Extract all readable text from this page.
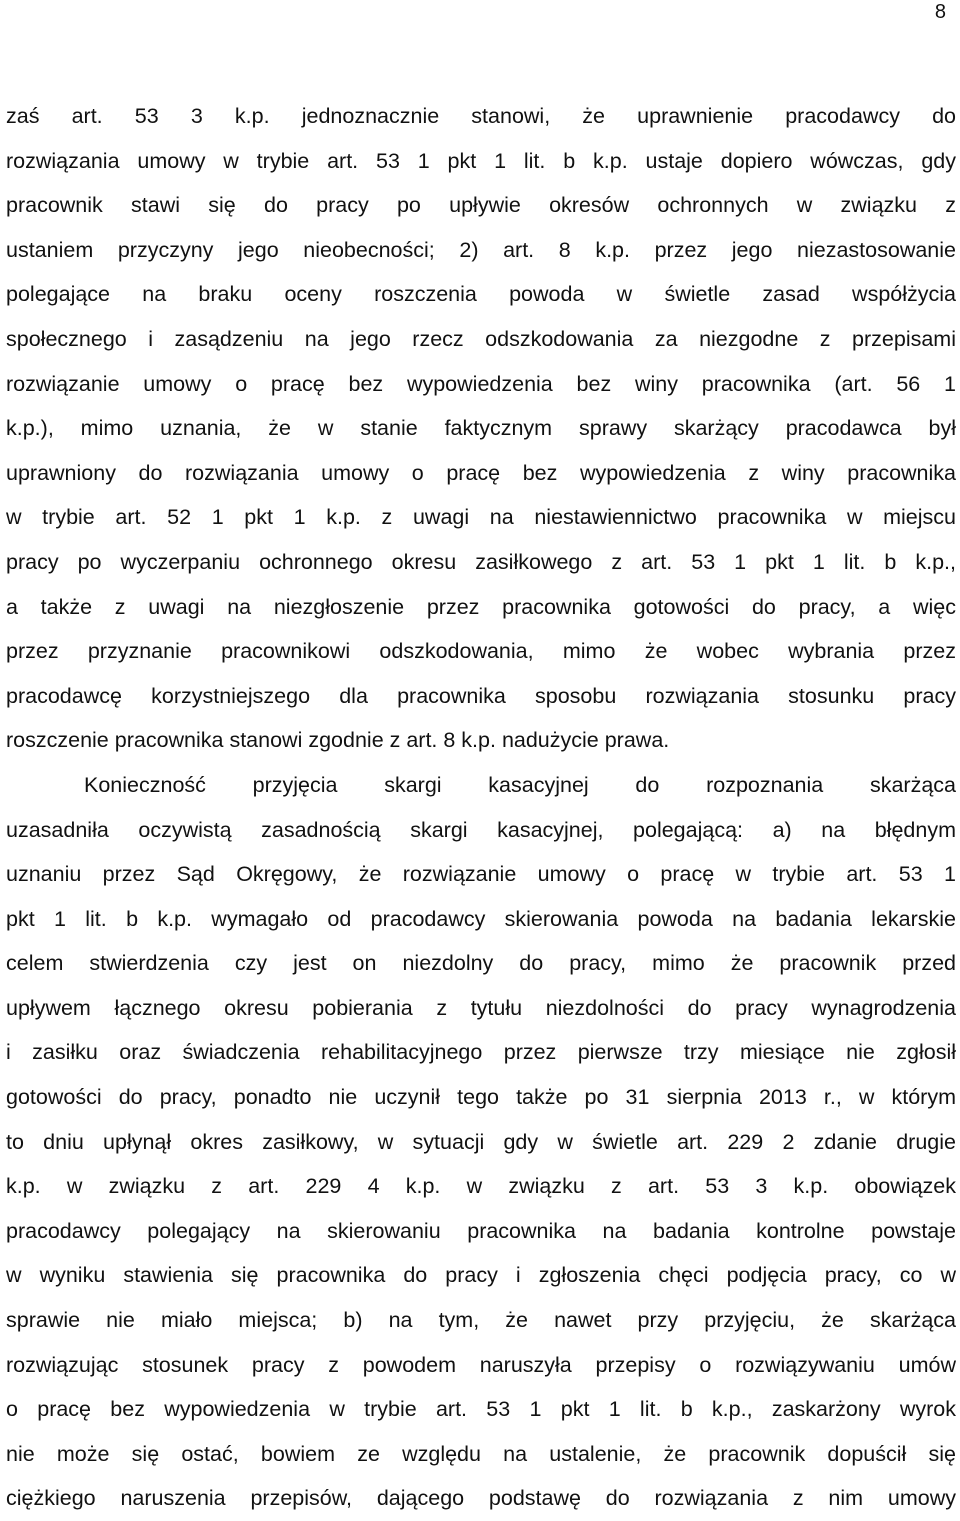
8
zaś art. 53 3 k.p. jednoznacznie stanowi, że uprawnienie pracodawcy do
rozwiązania umowy w trybie art. 53 1 pkt 1 lit. b k.p. ustaje dopiero wówczas, gdy
pracownik stawi się do pracy po upływie okresów ochronnych w związku z
ustaniem przyczyny jego nieobecności; 2) art. 8 k.p. przez jego niezastosowanie
polegające na braku oceny roszczenia powoda w świetle zasad współżycia
społecznego i zasądzeniu na jego rzecz odszkodowania za niezgodne z przepisami
rozwiązanie umowy o pracę bez wypowiedzenia bez winy pracownika (art. 56 1
k.p.), mimo uznania, że w stanie faktycznym sprawy skarżący pracodawca był
uprawniony do rozwiązania umowy o pracę bez wypowiedzenia z winy pracownika
w trybie art. 52 1 pkt 1 k.p. z uwagi na niestawiennictwo pracownika w miejscu
pracy po wyczerpaniu ochronnego okresu zasiłkowego z art. 53 1 pkt 1 lit. b k.p.,
a także z uwagi na niezgłoszenie przez pracownika gotowości do pracy, a więc
przez przyznanie pracownikowi odszkodowania, mimo że wobec wybrania przez
pracodawcę korzystniejszego dla pracownika sposobu rozwiązania stosunku pracy
roszczenie pracownika stanowi zgodnie z art. 8 k.p. nadużycie prawa.
Konieczność przyjęcia skargi kasacyjnej do rozpoznania skarżąca
uzasadniła oczywistą zasadnością skargi kasacyjnej, polegającą: a) na błędnym
uznaniu przez Sąd Okręgowy, że rozwiązanie umowy o pracę w trybie art. 53 1
pkt 1 lit. b k.p. wymagało od pracodawcy skierowania powoda na badania lekarskie
celem stwierdzenia czy jest on niezdolny do pracy, mimo że pracownik przed
upływem łącznego okresu pobierania z tytułu niezdolności do pracy wynagrodzenia
i zasiłku oraz świadczenia rehabilitacyjnego przez pierwsze trzy miesiące nie zgłosił
gotowości do pracy, ponadto nie uczynił tego także po 31 sierpnia 2013 r., w którym
to dniu upłynął okres zasiłkowy, w sytuacji gdy w świetle art. 229 2 zdanie drugie
k.p. w związku z art. 229 4 k.p. w związku z art. 53 3 k.p. obowiązek
pracodawcy polegający na skierowaniu pracownika na badania kontrolne powstaje
w wyniku stawienia się pracownika do pracy i zgłoszenia chęci podjęcia pracy, co w
sprawie nie miało miejsca; b) na tym, że nawet przy przyjęciu, że skarżąca
rozwiązując stosunek pracy z powodem naruszyła przepisy o rozwiązywaniu umów
o pracę bez wypowiedzenia w trybie art. 53 1 pkt 1 lit. b k.p., zaskarżony wyrok
nie może się ostać, bowiem ze względu na ustalenie, że pracownik dopuścił się
ciężkiego naruszenia przepisów, dającego podstawę do rozwiązania z nim umowy
